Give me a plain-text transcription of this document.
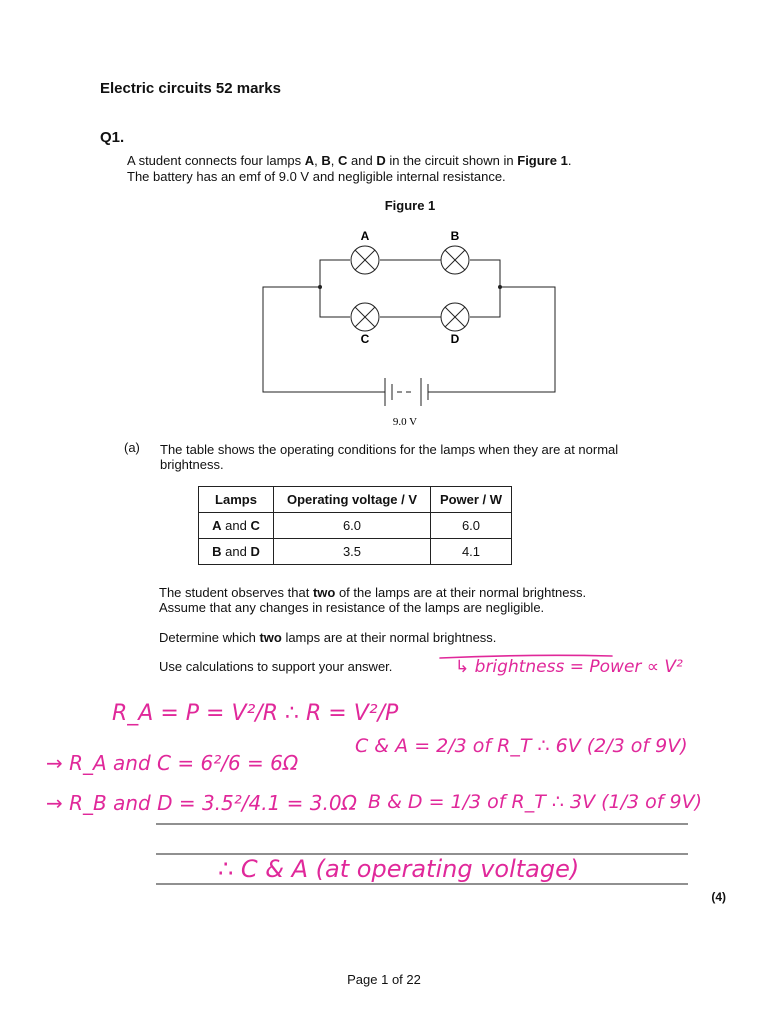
Electric circuits 52 marks
Q1.
A student connects four lamps A, B, C and D in the circuit shown in Figure 1.
The battery has an emf of 9.0 V and negligible internal resistance.
Figure 1
A	B
C	D
9.0 V
↳ brightness = Power ∝ V²
R_A = P = V²/R ∴ R = V²/P
→ R_A and C = 6²/6 = 6Ω
C & A = 2/3 of R_T ∴ 6V (2/3 of 9V)
→ R_B and D = 3.5²/4.1 = 3.0Ω B & D = 1/3 of R_T ∴ 3V (1/3 of 9V)
∴ C & A (at operating voltage)
(a) The table shows the operating conditions for the lamps when they are at normal
brightness.
Lamps	Operating voltage / V	Power / W
A and C	6.0	6.0
B and D	3.5	4.1
The student observes that two of the lamps are at their normal brightness.
Assume that any changes in resistance of the lamps are negligible.
Determine which two lamps are at their normal brightness.
Use calculations to support your answer.
(4)
Page 1 of 22
